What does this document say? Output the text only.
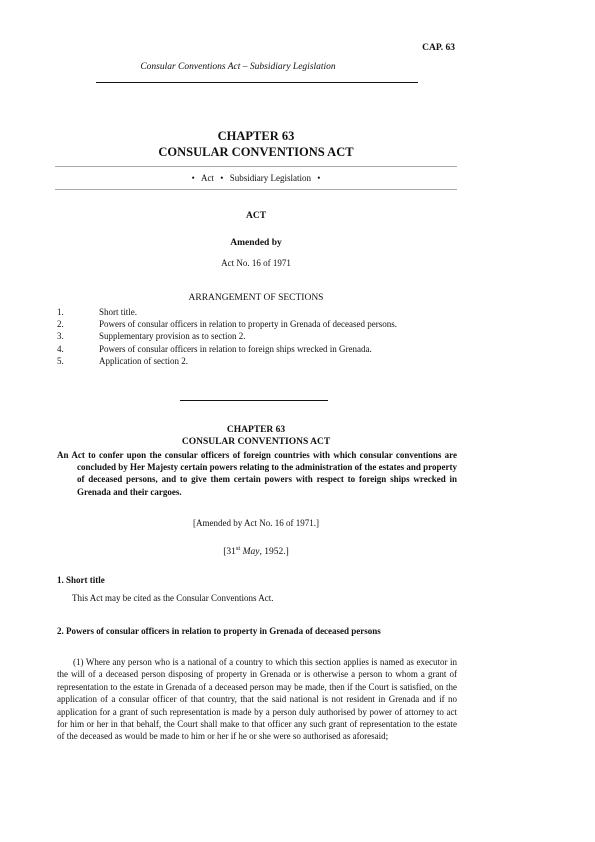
CAP. 63
Consular Conventions Act – Subsidiary Legislation
CHAPTER 63
CONSULAR CONVENTIONS ACT
• Act • Subsidiary Legislation •
ACT
Amended by
Act No. 16 of 1971
ARRANGEMENT OF SECTIONS
1.	Short title.
2.	Powers of consular officers in relation to property in Grenada of deceased persons.
3.	Supplementary provision as to section 2.
4.	Powers of consular officers in relation to foreign ships wrecked in Grenada.
5.	Application of section 2.
CHAPTER 63
CONSULAR CONVENTIONS ACT
An Act to confer upon the consular officers of foreign countries with which consular conventions are concluded by Her Majesty certain powers relating to the administration of the estates and property of deceased persons, and to give them certain powers with respect to foreign ships wrecked in Grenada and their cargoes.
[Amended by Act No. 16 of 1971.]
[31st May, 1952.]
1. Short title
This Act may be cited as the Consular Conventions Act.
2. Powers of consular officers in relation to property in Grenada of deceased persons
(1) Where any person who is a national of a country to which this section applies is named as executor in the will of a deceased person disposing of property in Grenada or is otherwise a person to whom a grant of representation to the estate in Grenada of a deceased person may be made, then if the Court is satisfied, on the application of a consular officer of that country, that the said national is not resident in Grenada and if no application for a grant of such representation is made by a person duly authorised by power of attorney to act for him or her in that behalf, the Court shall make to that officer any such grant of representation to the estate of the deceased as would be made to him or her if he or she were so authorised as aforesaid;
